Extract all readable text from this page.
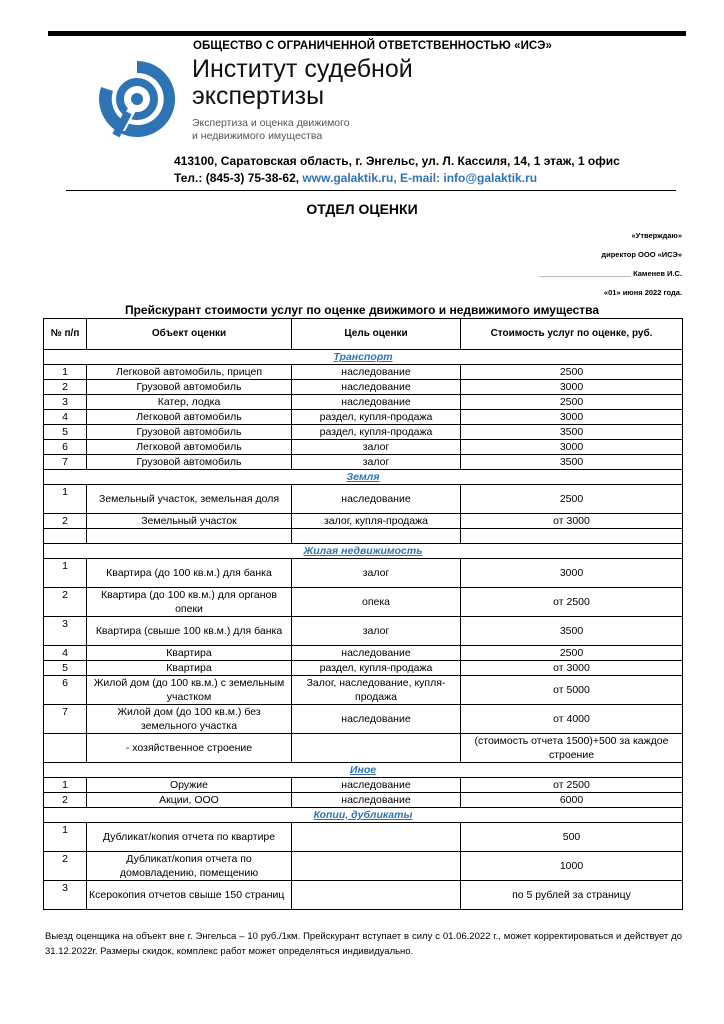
ОБЩЕСТВО С ОГРАНИЧЕННОЙ ОТВЕТСТВЕННОСТЬЮ «ИСЭ»
Институт судебной
экспертизы
Экспертиза и оценка движимого
и недвижимого имущества
413100, Саратовская область, г. Энгельс, ул. Л. Кассиля, 14, 1 этаж, 1 офис
Тел.: (845-3) 75-38-62, www.galaktik.ru, E-mail: info@galaktik.ru
ОТДЕЛ ОЦЕНКИ
«Утверждаю»
директор ООО «ИСЭ»
______________________ Каменев И.С.
«01» июня 2022 года.
Прейскурант стоимости услуг по оценке движимого и недвижимого имущества
№ п/п	Объект оценки	Цель оценки	Стоимость услуг по оценке, руб.
Транспорт			
1	Легковой автомобиль, прицеп	наследование	2500
2	Грузовой автомобиль	наследование	3000
3	Катер, лодка	наследование	2500
4	Легковой автомобиль	раздел, купля-продажа	3000
5	Грузовой автомобиль	раздел, купля-продажа	3500
6	Легковой автомобиль	залог	3000
7	Грузовой автомобиль	залог	3500
Земля			
1	Земельный участок, земельная доля	наследование	2500
2	Земельный участок	залог, купля-продажа	от 3000

Жилая недвижимость			
1	Квартира (до 100 кв.м.) для банка	залог	3000
2	Квартира (до 100 кв.м.) для органов опеки	опека	от 2500
3	Квартира (свыше 100 кв.м.) для банка	залог	3500
4	Квартира	наследование	2500
5	Квартира	раздел, купля-продажа	от 3000
6	Жилой дом (до 100 кв.м.) с земельным участком	Залог, наследование, купля-продажа	от 5000
7	Жилой дом (до 100 кв.м.) без земельного участка	наследование	от 4000
	- хозяйственное строение		(стоимость отчета 1500)+500 за каждое строение
Иное			
1	Оружие	наследование	от 2500
2	Акции, ООО	наследование	6000
Копии, дубликаты			
1	Дубликат/копия отчета по квартире		500
2	Дубликат/копия отчета по домовладению, помещению		1000
3	Ксерокопия отчетов свыше 150 страниц		по 5 рублей за страницу
Выезд оценщика на объект вне г. Энгельса – 10 руб./1км. Прейскурант вступает в силу с 01.06.2022 г., может корректироваться и действует до 31.12.2022г. Размеры скидок, комплекс работ может определяться индивидуально.
